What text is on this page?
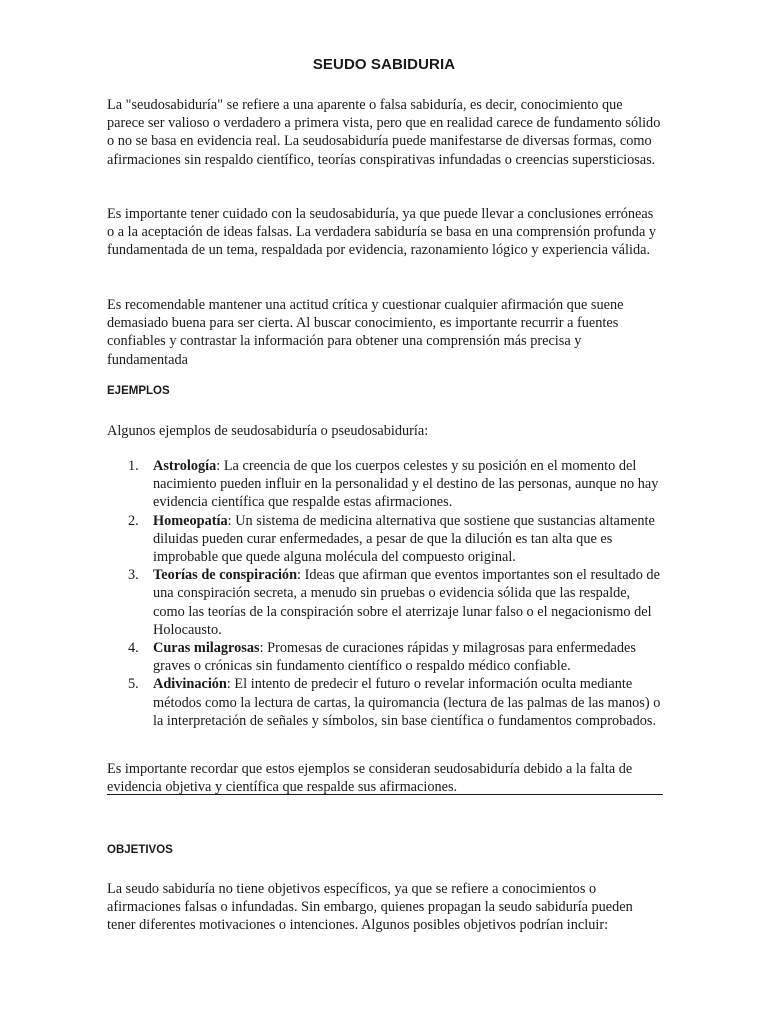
SEUDO SABIDURIA
La "seudosabiduría" se refiere a una aparente o falsa sabiduría, es decir, conocimiento que parece ser valioso o verdadero a primera vista, pero que en realidad carece de fundamento sólido o no se basa en evidencia real. La seudosabiduría puede manifestarse de diversas formas, como afirmaciones sin respaldo científico, teorías conspirativas infundadas o creencias supersticiosas.
Es importante tener cuidado con la seudosabiduría, ya que puede llevar a conclusiones erróneas o a la aceptación de ideas falsas. La verdadera sabiduría se basa en una comprensión profunda y fundamentada de un tema, respaldada por evidencia, razonamiento lógico y experiencia válida.
Es recomendable mantener una actitud crítica y cuestionar cualquier afirmación que suene demasiado buena para ser cierta. Al buscar conocimiento, es importante recurrir a fuentes confiables y contrastar la información para obtener una comprensión más precisa y fundamentada
EJEMPLOS
Algunos ejemplos de seudosabiduría o pseudosabiduría:
1. Astrología: La creencia de que los cuerpos celestes y su posición en el momento del nacimiento pueden influir en la personalidad y el destino de las personas, aunque no hay evidencia científica que respalde estas afirmaciones.
2. Homeopatía: Un sistema de medicina alternativa que sostiene que sustancias altamente diluidas pueden curar enfermedades, a pesar de que la dilución es tan alta que es improbable que quede alguna molécula del compuesto original.
3. Teorías de conspiración: Ideas que afirman que eventos importantes son el resultado de una conspiración secreta, a menudo sin pruebas o evidencia sólida que las respalde, como las teorías de la conspiración sobre el aterrizaje lunar falso o el negacionismo del Holocausto.
4. Curas milagrosas: Promesas de curaciones rápidas y milagrosas para enfermedades graves o crónicas sin fundamento científico o respaldo médico confiable.
5. Adivinación: El intento de predecir el futuro o revelar información oculta mediante métodos como la lectura de cartas, la quiromancia (lectura de las palmas de las manos) o la interpretación de señales y símbolos, sin base científica o fundamentos comprobados.
Es importante recordar que estos ejemplos se consideran seudosabiduría debido a la falta de evidencia objetiva y científica que respalde sus afirmaciones.
OBJETIVOS
La seudo sabiduría no tiene objetivos específicos, ya que se refiere a conocimientos o afirmaciones falsas o infundadas. Sin embargo, quienes propagan la seudo sabiduría pueden tener diferentes motivaciones o intenciones. Algunos posibles objetivos podrían incluir:
